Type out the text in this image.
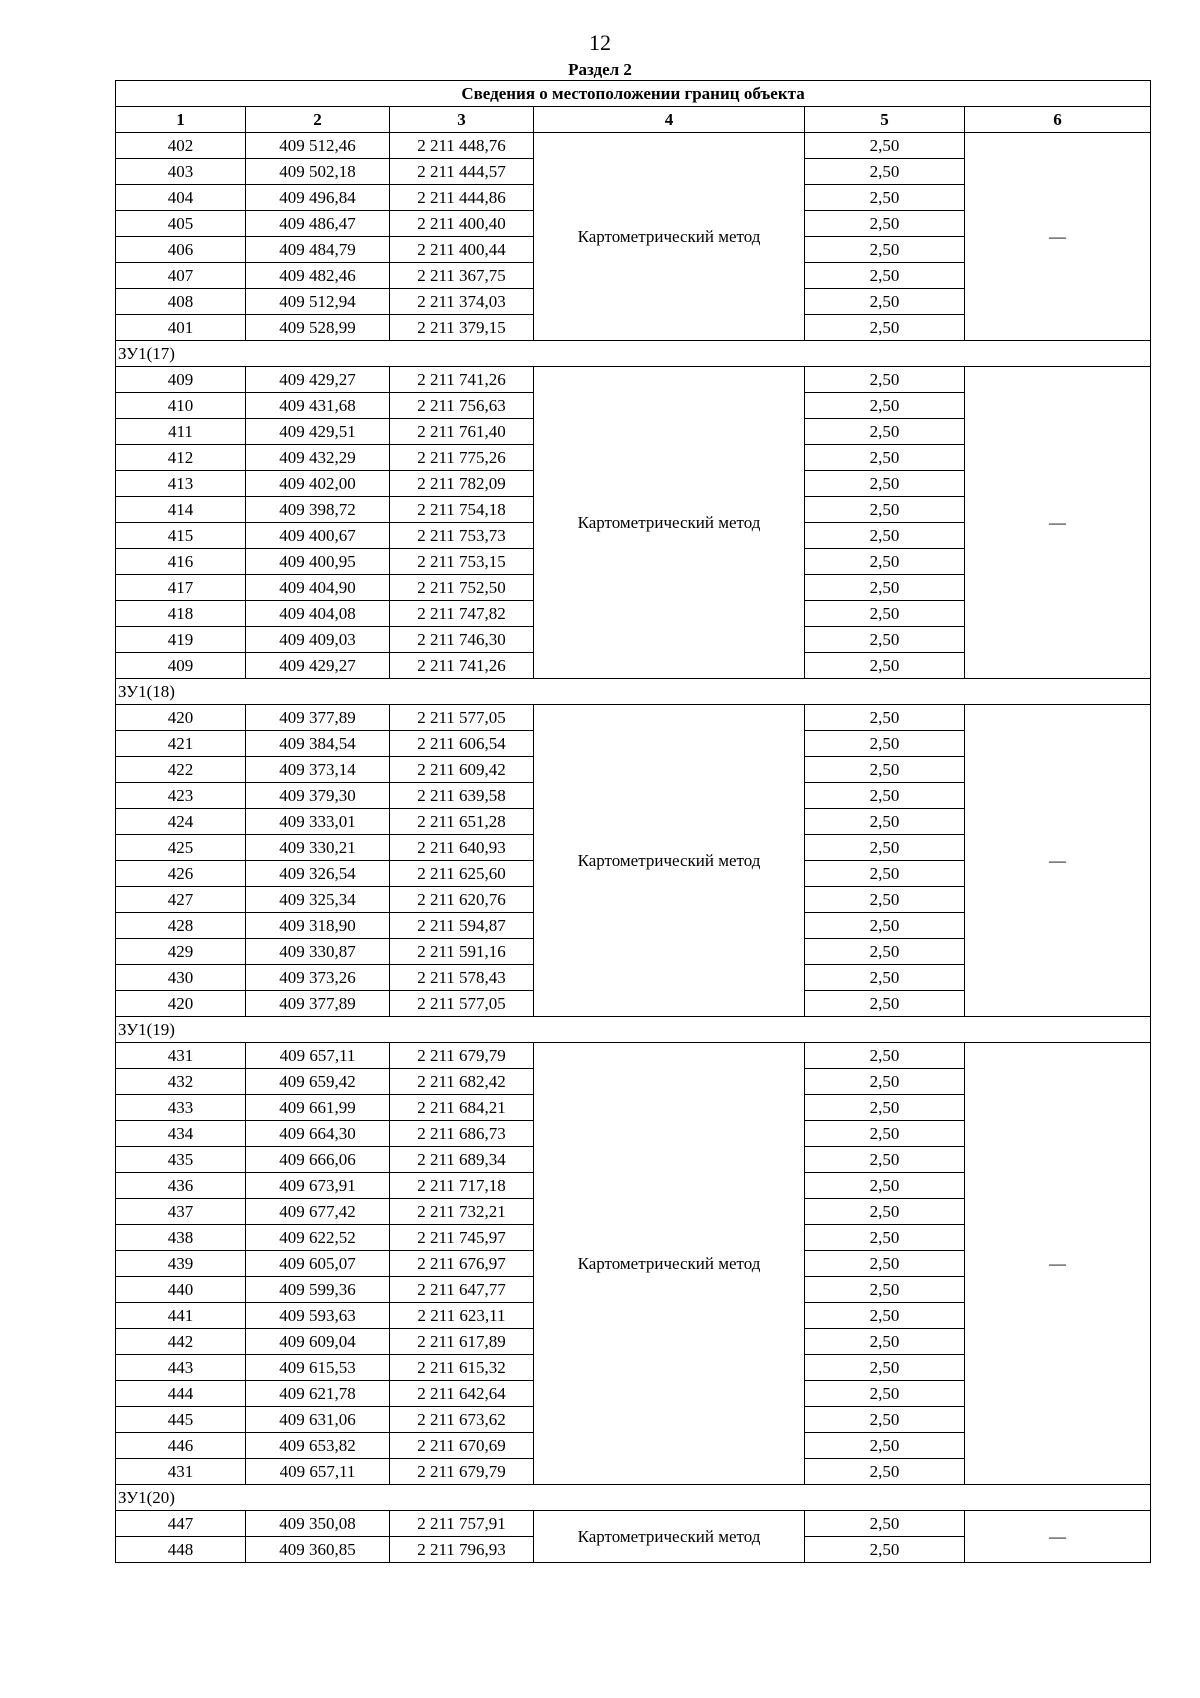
12
Раздел 2
Сведения о местоположении границ объекта					
1	2	3	4	5	6
402	409 512,46	2 211 448,76	Картометрический метод	2,50	—
403	409 502,18	2 211 444,57		2,50	
404	409 496,84	2 211 444,86		2,50	
405	409 486,47	2 211 400,40		2,50	
406	409 484,79	2 211 400,44		2,50	
407	409 482,46	2 211 367,75		2,50	
408	409 512,94	2 211 374,03		2,50	
401	409 528,99	2 211 379,15		2,50	
ЗУ1(17)					
409	409 429,27	2 211 741,26	Картометрический метод	2,50	—
410	409 431,68	2 211 756,63		2,50	
411	409 429,51	2 211 761,40		2,50	
412	409 432,29	2 211 775,26		2,50	
413	409 402,00	2 211 782,09		2,50	
414	409 398,72	2 211 754,18		2,50	
415	409 400,67	2 211 753,73		2,50	
416	409 400,95	2 211 753,15		2,50	
417	409 404,90	2 211 752,50		2,50	
418	409 404,08	2 211 747,82		2,50	
419	409 409,03	2 211 746,30		2,50	
409	409 429,27	2 211 741,26		2,50	
ЗУ1(18)					
420	409 377,89	2 211 577,05	Картометрический метод	2,50	—
421	409 384,54	2 211 606,54		2,50	
422	409 373,14	2 211 609,42		2,50	
423	409 379,30	2 211 639,58		2,50	
424	409 333,01	2 211 651,28		2,50	
425	409 330,21	2 211 640,93		2,50	
426	409 326,54	2 211 625,60		2,50	
427	409 325,34	2 211 620,76		2,50	
428	409 318,90	2 211 594,87		2,50	
429	409 330,87	2 211 591,16		2,50	
430	409 373,26	2 211 578,43		2,50	
420	409 377,89	2 211 577,05		2,50	
ЗУ1(19)					
431	409 657,11	2 211 679,79	Картометрический метод	2,50	—
432	409 659,42	2 211 682,42		2,50	
433	409 661,99	2 211 684,21		2,50	
434	409 664,30	2 211 686,73		2,50	
435	409 666,06	2 211 689,34		2,50	
436	409 673,91	2 211 717,18		2,50	
437	409 677,42	2 211 732,21		2,50	
438	409 622,52	2 211 745,97		2,50	
439	409 605,07	2 211 676,97		2,50	
440	409 599,36	2 211 647,77		2,50	
441	409 593,63	2 211 623,11		2,50	
442	409 609,04	2 211 617,89		2,50	
443	409 615,53	2 211 615,32		2,50	
444	409 621,78	2 211 642,64		2,50	
445	409 631,06	2 211 673,62		2,50	
446	409 653,82	2 211 670,69		2,50	
431	409 657,11	2 211 679,79		2,50	
ЗУ1(20)					
447	409 350,08	2 211 757,91	Картометрический метод	2,50	—
448	409 360,85	2 211 796,93		2,50	
